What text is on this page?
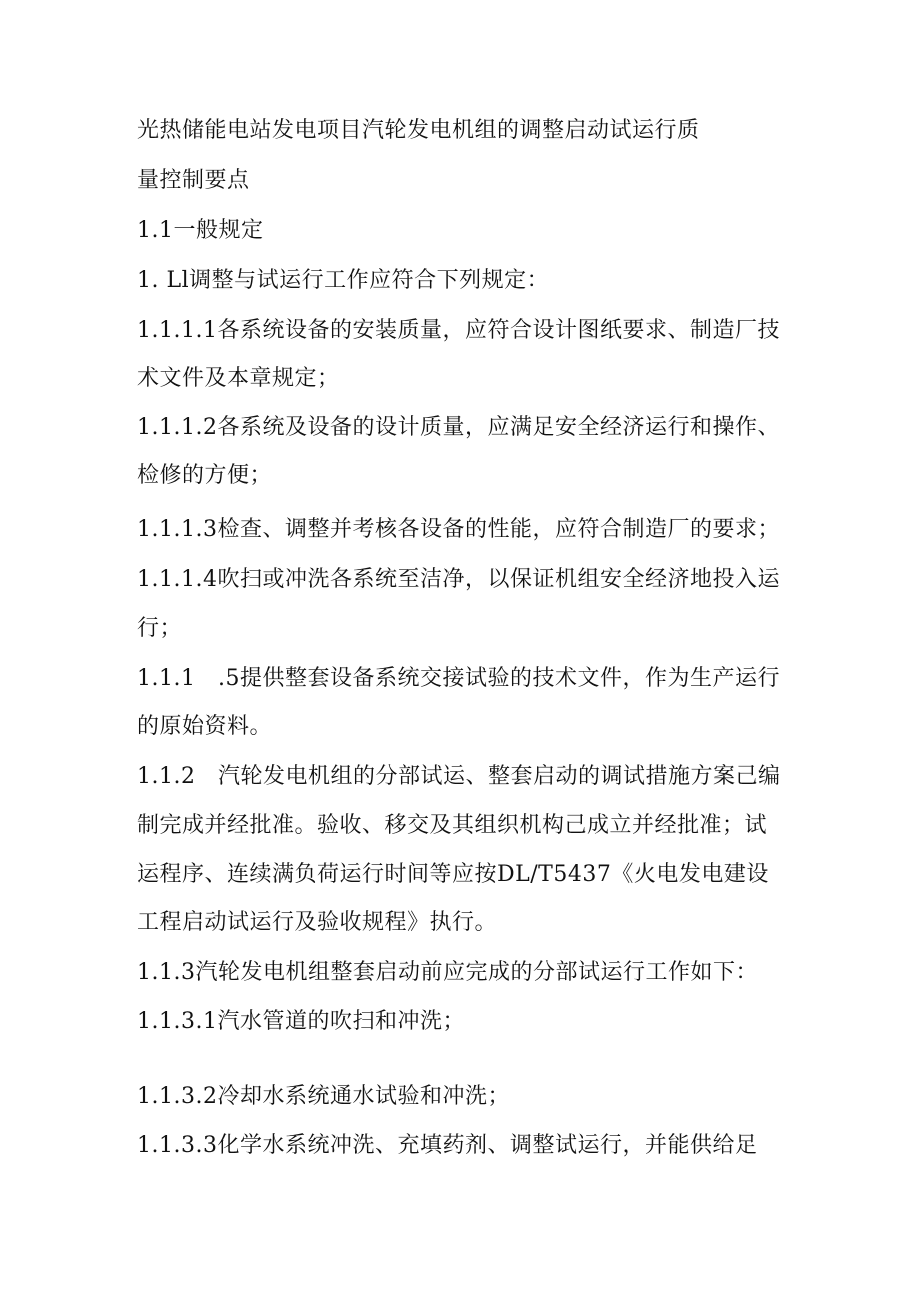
光热储能电站发电项目汽轮发电机组的调整启动试运行质
量控制要点
1.1一般规定
1. Ll调整与试运行工作应符合下列规定：
1.1.1.1各系统设备的安装质量，应符合设计图纸要求、制造厂技
术文件及本章规定；
1.1.1.2各系统及设备的设计质量，应满足安全经济运行和操作、
检修的方便；
1.1.1.3检查、调整并考核各设备的性能，应符合制造厂的要求；
1.1.1.4吹扫或冲洗各系统至洁净，以保证机组安全经济地投入运
行；
1.1.1　.5提供整套设备系统交接试验的技术文件，作为生产运行
的原始资料。
1.1.2　汽轮发电机组的分部试运、整套启动的调试措施方案己编
制完成并经批准。验收、移交及其组织机构己成立并经批准；试
运程序、连续满负荷运行时间等应按DL/T5437《火电发电建设
工程启动试运行及验收规程》执行。
1.1.3汽轮发电机组整套启动前应完成的分部试运行工作如下：
1.1.3.1汽水管道的吹扫和冲洗；
1.1.3.2冷却水系统通水试验和冲洗；
1.1.3.3化学水系统冲洗、充填药剂、调整试运行，并能供给足
